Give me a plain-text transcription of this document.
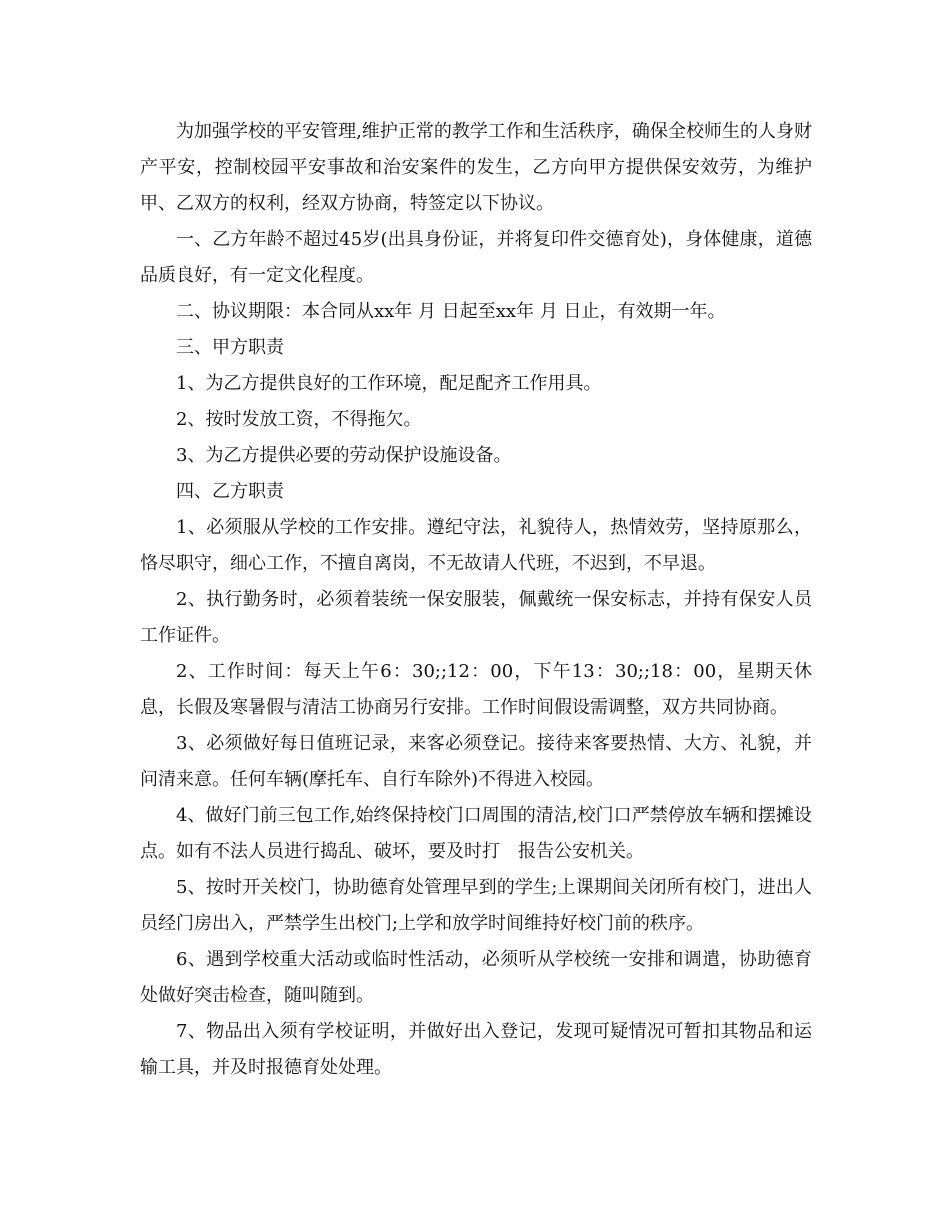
为加强学校的平安管理,维护正常的教学工作和生活秩序，确保全校师生的人身财产平安，控制校园平安事故和治安案件的发生，乙方向甲方提供保安效劳，为维护甲、乙双方的权利，经双方协商，特签定以下协议。

一、乙方年龄不超过45岁(出具身份证，并将复印件交德育处)，身体健康，道德品质良好，有一定文化程度。

二、协议期限：本合同从xx年 月 日起至xx年 月 日止，有效期一年。

三、甲方职责

1、为乙方提供良好的工作环境，配足配齐工作用具。

2、按时发放工资，不得拖欠。

3、为乙方提供必要的劳动保护设施设备。

四、乙方职责

1、必须服从学校的工作安排。遵纪守法，礼貌待人，热情效劳，坚持原那么，恪尽职守，细心工作，不擅自离岗，不无故请人代班，不迟到，不早退。

2、执行勤务时，必须着装统一保安服装，佩戴统一保安标志，并持有保安人员工作证件。

2、工作时间：每天上午6：30;;12：00，下午13：30;;18：00，星期天休息，长假及寒暑假与清洁工协商另行安排。工作时间假设需调整，双方共同协商。

3、必须做好每日值班记录，来客必须登记。接待来客要热情、大方、礼貌，并问清来意。任何车辆(摩托车、自行车除外)不得进入校园。

4、做好门前三包工作,始终保持校门口周围的清洁,校门口严禁停放车辆和摆摊设点。如有不法人员进行捣乱、破坏，要及时打　报告公安机关。

5、按时开关校门，协助德育处管理早到的学生;上课期间关闭所有校门，进出人员经门房出入，严禁学生出校门;上学和放学时间维持好校门前的秩序。

6、遇到学校重大活动或临时性活动，必须听从学校统一安排和调遣，协助德育处做好突击检查，随叫随到。

7、物品出入须有学校证明，并做好出入登记，发现可疑情况可暂扣其物品和运输工具，并及时报德育处处理。
